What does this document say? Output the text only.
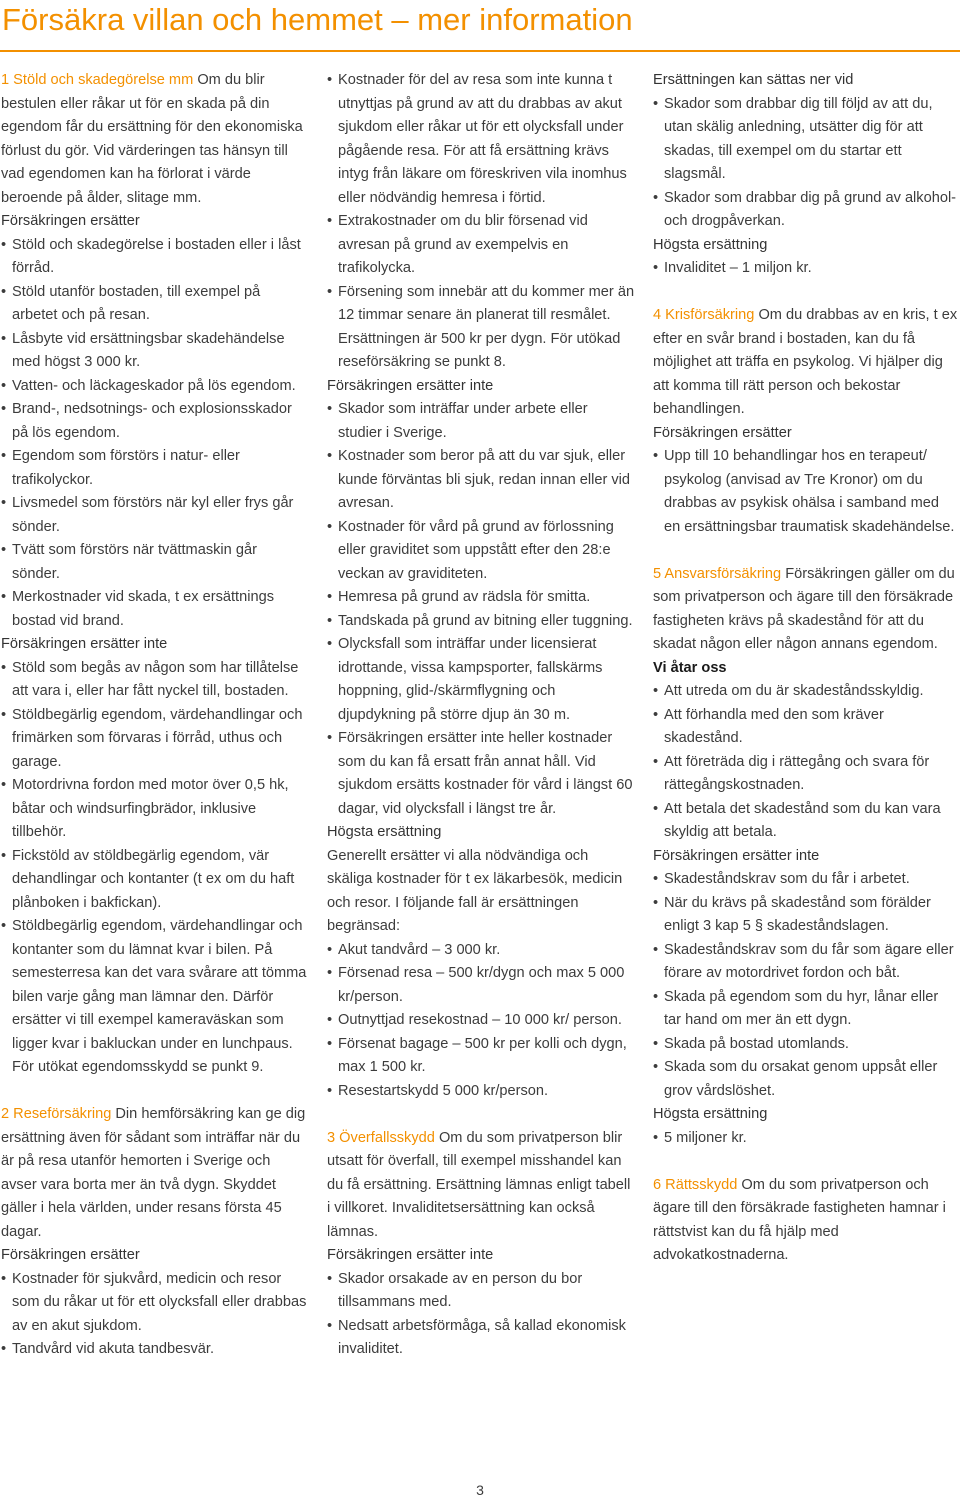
Försäkra villan och hemmet – mer information

1 Stöld och skadegörelse mm Om du blir bestulen eller råkar ut för en skada på din egendom får du ersättning för den ekonomiska förlust du gör. Vid värderingen tas hänsyn till vad egendomen kan ha förlorat i värde beroende på ålder, slitage mm.

Försäkringen ersätter

• Stöld och skadegörelse i bostaden eller i låst förråd.
• Stöld utanför bostaden, till exempel på arbetet och på resan.
• Låsbyte vid ersättningsbar skadehändelse med högst 3 000 kr.
• Vatten- och läckageskador på lös egendom.
• Brand-, nedsotnings- och explosionsskador på lös egendom.
• Egendom som förstörs i natur- eller trafikolyckor.
• Livsmedel som förstörs när kyl eller frys går sönder.
• Tvätt som förstörs när tvättmaskin går sönder.
• Merkostnader vid skada, t ex ersättnings bostad vid brand.

Försäkringen ersätter inte

• Stöld som begås av någon som har tillåtelse att vara i, eller har fått nyckel till, bostaden.
• Stöldbegärlig egendom, värdehandlingar och frimärken som förvaras i förråd, uthus och garage.
• Motordrivna fordon med motor över 0,5 hk, båtar och windsurfingbrädor, inklusive tillbehör.
• Fickstöld av stöldbegärlig egendom, vär dehandlingar och kontanter (t ex om du haft plånboken i bakfickan).
• Stöldbegärlig egendom, värdehandlingar och kontanter som du lämnat kvar i bilen. På semesterresa kan det vara svårare att tömma bilen varje gång man lämnar den. Därför ersätter vi till exempel kameraväskan som ligger kvar i bakluckan under en lunchpaus. För utökat egendomsskydd se punkt 9.

2 Reseförsäkring Din hemförsäkring kan ge dig ersättning även för sådant som inträffar när du är på resa utanför hemorten i Sverige och avser vara borta mer än två dygn. Skyddet gäller i hela världen, under resans första 45 dagar.

Försäkringen ersätter

• Kostnader för sjukvård, medicin och resor som du råkar ut för ett olycksfall eller drabbas av en akut sjukdom.
• Tandvård vid akuta tandbesvär.
• Kostnader för del av resa som inte kunna t utnyttjas på grund av att du drabbas av akut sjukdom eller råkar ut för ett olycksfall under pågående resa. För att få ersättning krävs intyg från läkare om föreskriven vila inomhus eller nödvändig hemresa i förtid.
• Extrakostnader om du blir försenad vid avresan på grund av exempelvis en trafikolycka.
• Försening som innebär att du kommer mer än 12 timmar senare än planerat till resmålet. Ersättningen är 500 kr per dygn. För utökad reseförsäkring se punkt 8.

Försäkringen ersätter inte

• Skador som inträffar under arbete eller studier i Sverige.
• Kostnader som beror på att du var sjuk, eller kunde förväntas bli sjuk, redan innan eller vid avresan.
• Kostnader för vård på grund av förlossning eller graviditet som uppstått efter den 28:e veckan av graviditeten.
• Hemresa på grund av rädsla för smitta.
• Tandskada på grund av bitning eller tuggning.
• Olycksfall som inträffar under licensierat idrottande, vissa kampsporter, fallskärms hoppning, glid-/skärmflygning och djupdykning på större djup än 30 m.
• Försäkringen ersätter inte heller kostnader som du kan få ersatt från annat håll. Vid sjukdom ersätts kostnader för vård i längst 60 dagar, vid olycksfall i längst tre år.

Högsta ersättning

Generellt ersätter vi alla nödvändiga och skäliga kostnader för t ex läkarbesök, medicin och resor. I följande fall är ersättningen begränsad:

• Akut tandvård – 3 000 kr.
• Försenad resa – 500 kr/dygn och max 5 000 kr/person.
• Outnyttjad resekostnad – 10 000 kr/ person.
• Försenat bagage – 500 kr per kolli och dygn, max 1 500 kr.
• Resestartskydd 5 000 kr/person.

3 Överfallsskydd Om du som privatperson blir utsatt för överfall, till exempel misshandel kan du få ersättning. Ersättning lämnas enligt tabell i villkoret. Invaliditetsersättning kan också lämnas.

Försäkringen ersätter inte

• Skador orsakade av en person du bor tillsammans med.
• Nedsatt arbetsförmåga, så kallad ekonomisk invaliditet.

Ersättningen kan sättas ner vid

• Skador som drabbar dig till följd av att du, utan skälig anledning, utsätter dig för att skadas, till exempel om du startar ett slagsmål.
• Skador som drabbar dig på grund av alkohol- och drogpåverkan.

Högsta ersättning

• Invaliditet – 1 miljon kr.

4 Krisförsäkring Om du drabbas av en kris, t ex efter en svår brand i bostaden, kan du få möjlighet att träffa en psykolog. Vi hjälper dig att komma till rätt person och bekostar behandlingen.

Försäkringen ersätter

• Upp till 10 behandlingar hos en terapeut/ psykolog (anvisad av Tre Kronor) om du drabbas av psykisk ohälsa i samband med en ersättningsbar traumatisk skadehändelse.

5 Ansvarsförsäkring Försäkringen gäller om du som privatperson och ägare till den försäkrade fastigheten krävs på skadestånd för att du skadat någon eller någon annans egendom.

Vi åtar oss

• Att utreda om du är skadeståndsskyldig.
• Att förhandla med den som kräver skadestånd.
• Att företräda dig i rättegång och svara för rättegångskostnaden.
• Att betala det skadestånd som du kan vara skyldig att betala.

Försäkringen ersätter inte

• Skadeståndskrav som du får i arbetet.
• När du krävs på skadestånd som förälder enligt 3 kap 5 § skadeståndslagen.
• Skadeståndskrav som du får som ägare eller förare av motordrivet fordon och båt.
• Skada på egendom som du hyr, lånar eller tar hand om mer än ett dygn.
• Skada på bostad utomlands.
• Skada som du orsakat genom uppsåt eller grov vårdslöshet.

Högsta ersättning

• 5 miljoner kr.

6 Rättsskydd Om du som privatperson och ägare till den försäkrade fastigheten hamnar i rättstvist kan du få hjälp med advokatkostnaderna.

3
